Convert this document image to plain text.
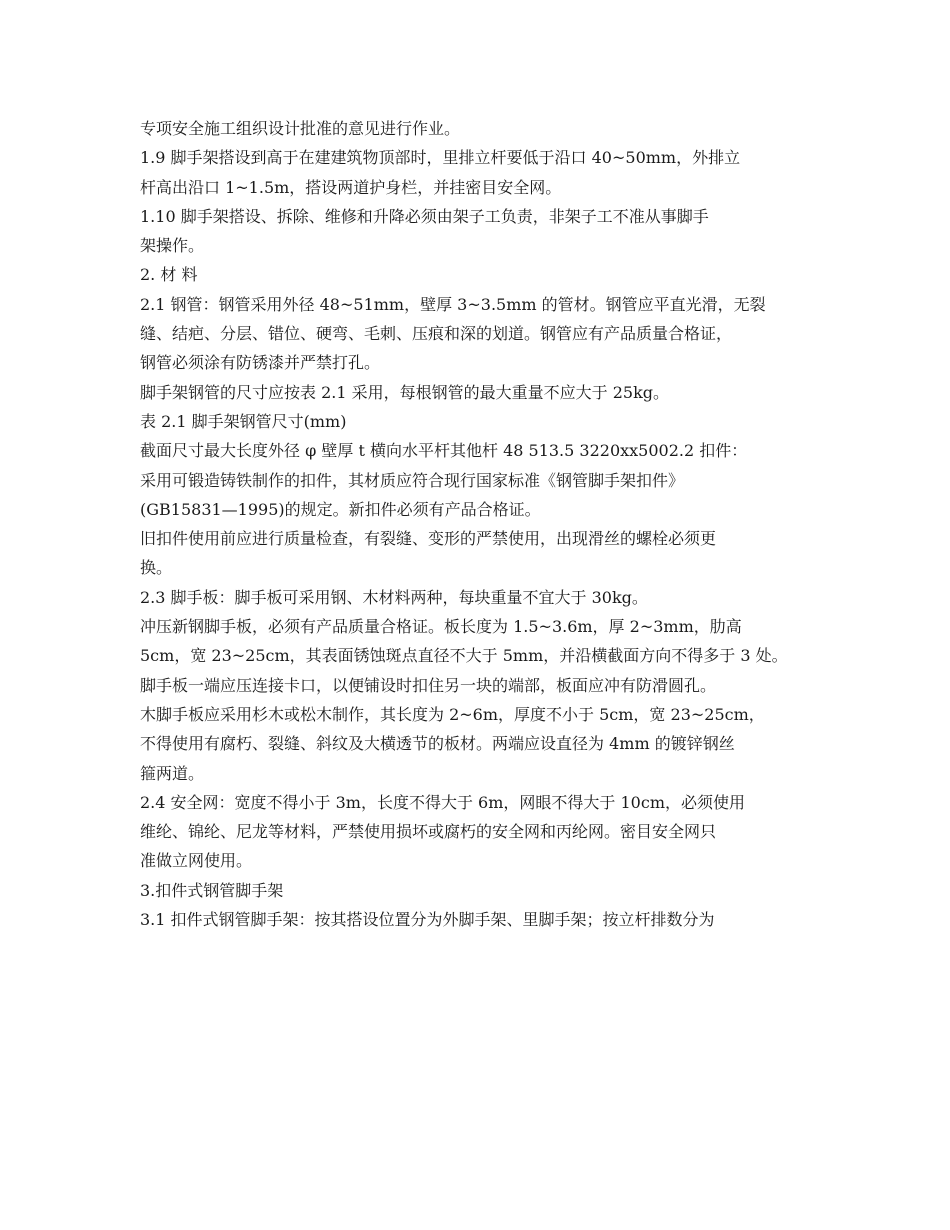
专项安全施工组织设计批准的意见进行作业。
1.9 脚手架搭设到高于在建建筑物顶部时，里排立杆要低于沿口 40~50mm，外排立
杆高出沿口 1~1.5m，搭设两道护身栏，并挂密目安全网。
1.10 脚手架搭设、拆除、维修和升降必须由架子工负责，非架子工不准从事脚手
架操作。
2. 材 料
2.1 钢管：钢管采用外径 48~51mm，壁厚 3~3.5mm 的管材。钢管应平直光滑，无裂
缝、结疤、分层、错位、硬弯、毛刺、压痕和深的划道。钢管应有产品质量合格证，
钢管必须涂有防锈漆并严禁打孔。
脚手架钢管的尺寸应按表 2.1 采用，每根钢管的最大重量不应大于 25kg。
表 2.1 脚手架钢管尺寸(mm)
截面尺寸最大长度外径 φ 壁厚 t 横向水平杆其他杆 48 513.5 3220xx5002.2 扣件：
采用可锻造铸铁制作的扣件，其材质应符合现行国家标准《钢管脚手架扣件》
(GB15831—1995)的规定。新扣件必须有产品合格证。
旧扣件使用前应进行质量检查，有裂缝、变形的严禁使用，出现滑丝的螺栓必须更
换。
2.3 脚手板：脚手板可采用钢、木材料两种，每块重量不宜大于 30kg。
冲压新钢脚手板，必须有产品质量合格证。板长度为 1.5~3.6m，厚 2~3mm，肋高
5cm，宽 23~25cm，其表面锈蚀斑点直径不大于 5mm，并沿横截面方向不得多于 3 处。
脚手板一端应压连接卡口，以便铺设时扣住另一块的端部，板面应冲有防滑圆孔。
木脚手板应采用杉木或松木制作，其长度为 2~6m，厚度不小于 5cm，宽 23~25cm，
不得使用有腐朽、裂缝、斜纹及大横透节的板材。两端应设直径为 4mm 的镀锌钢丝
箍两道。
2.4 安全网：宽度不得小于 3m，长度不得大于 6m，网眼不得大于 10cm，必须使用
维纶、锦纶、尼龙等材料，严禁使用损坏或腐朽的安全网和丙纶网。密目安全网只
准做立网使用。
3.扣件式钢管脚手架
3.1 扣件式钢管脚手架：按其搭设位置分为外脚手架、里脚手架；按立杆排数分为
